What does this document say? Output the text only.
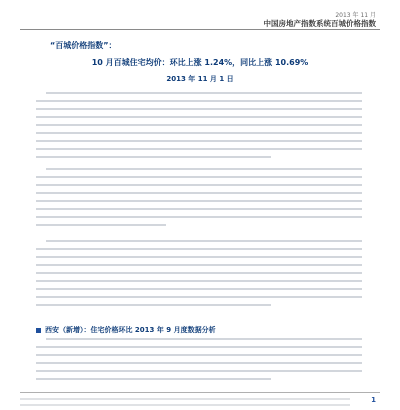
2013 年 11 月
中国房地产指数系统百城价格指数
“百城价格指数”：
10 月百城住宅均价：环比上涨 1.24%，同比上涨 10.69%
2013 年 11 月 1 日
西安（新增）：住宅价格环比 2013 年 9 月度数据分析
1
